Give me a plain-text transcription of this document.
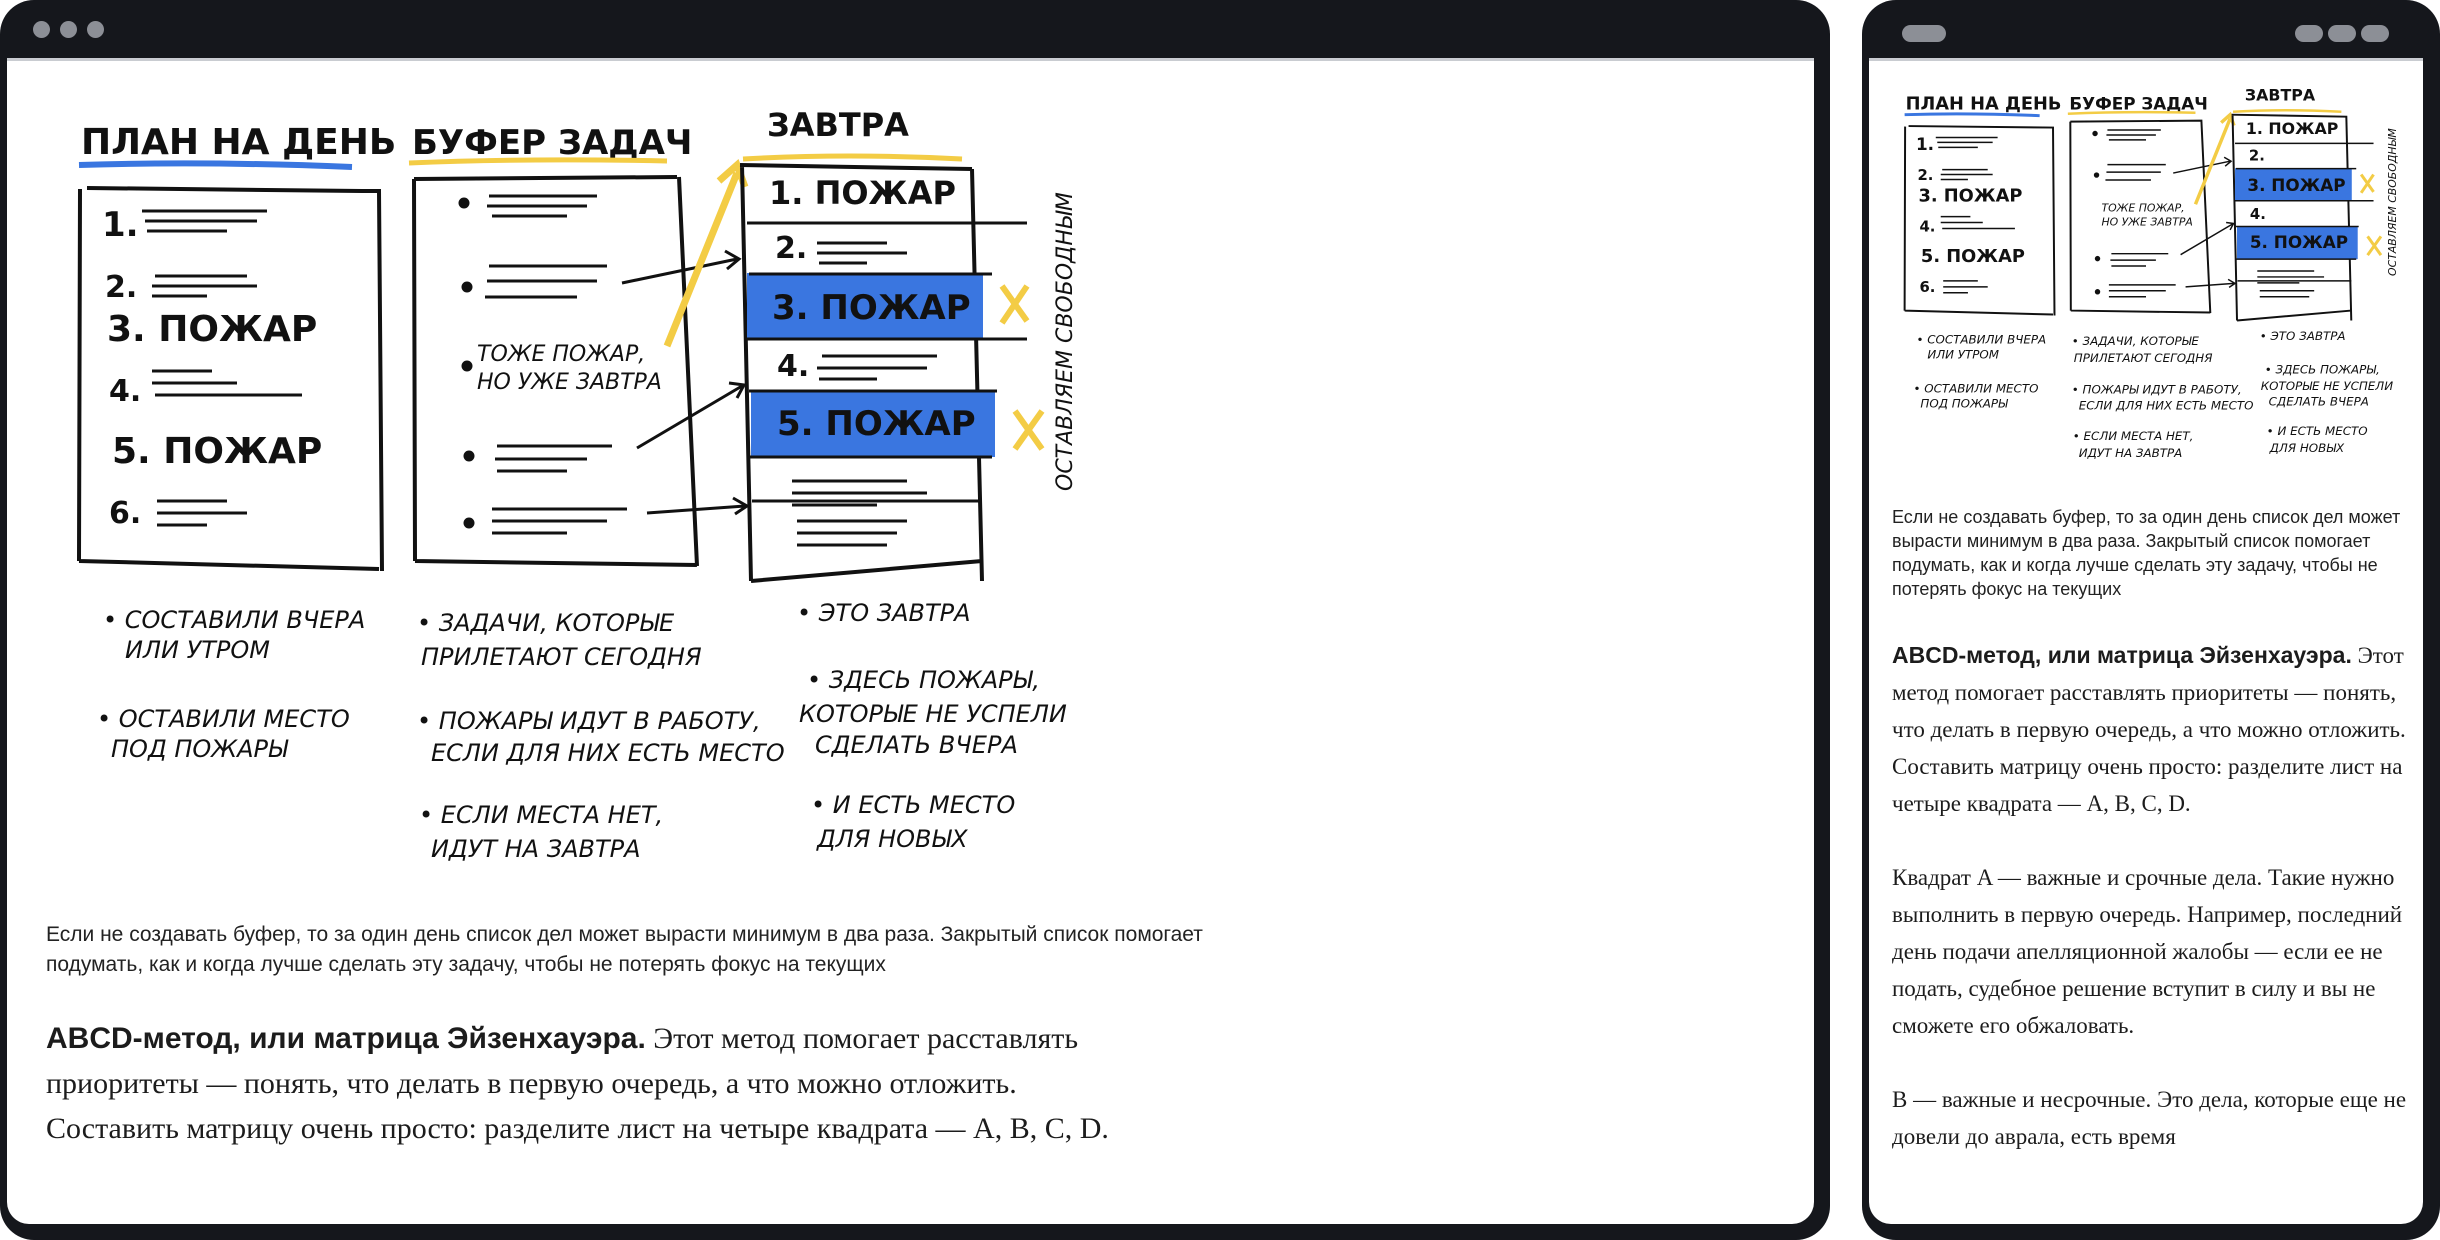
ПЛАН НА ДЕНЬ
1.
2.
3. ПОЖАР
4.
5. ПОЖАР
6.
• СОСТАВИЛИ ВЧЕРА
ИЛИ УТРОМ
• ОСТАВИЛИ МЕСТО
ПОД ПОЖАРЫ
БУФЕР ЗАДАЧ
ТОЖЕ ПОЖАР,
НО УЖЕ ЗАВТРА
• ЗАДАЧИ, КОТОРЫЕ
ПРИЛЕТАЮТ СЕГОДНЯ
• ПОЖАРЫ ИДУТ В РАБОТУ,
ЕСЛИ ДЛЯ НИХ ЕСТЬ МЕСТО
• ЕСЛИ МЕСТА НЕТ,
ИДУТ НА ЗАВТРА
ЗАВТРА
1. ПОЖАР
2.
3. ПОЖАР
4.
5. ПОЖАР	ОСТАВЛЯЕМ СВОБОДНЫМ
• ЭТО ЗАВТРА
• ЗДЕСЬ ПОЖАРЫ,
КОТОРЫЕ НЕ УСПЕЛИ
СДЕЛАТЬ ВЧЕРА
• И ЕСТЬ МЕСТО
ДЛЯ НОВЫХ
Если не создавать буфер, то за один день список дел может вырасти минимум в два раза. Закрытый список помогает подумать, как и когда лучше сделать эту задачу, чтобы не потерять фокус на текущих

ABCD-метод, или матрица Эйзенхауэра. Этот метод помогает расставлять приоритеты — понять, что делать в первую очередь, а что можно отложить. Составить матрицу очень просто: разделите лист на четыре квадрата — A, B, C, D.

ПЛАН НА ДЕНЬ
1.
2.
3. ПОЖАР
4.
5. ПОЖАР
6.
• СОСТАВИЛИ ВЧЕРА
ИЛИ УТРОМ
• ОСТАВИЛИ МЕСТО
ПОД ПОЖАРЫ
БУФЕР ЗАДАЧ
ТОЖЕ ПОЖАР,
НО УЖЕ ЗАВТРА
• ЗАДАЧИ, КОТОРЫЕ
ПРИЛЕТАЮТ СЕГОДНЯ
• ПОЖАРЫ ИДУТ В РАБОТУ,
ЕСЛИ ДЛЯ НИХ ЕСТЬ МЕСТО
• ЕСЛИ МЕСТА НЕТ,
ИДУТ НА ЗАВТРА
ЗАВТРА
1. ПОЖАР
2.
3. ПОЖАР
4.
5. ПОЖАР ОСТАВЛЯЕМ СВОБОДНЫМ
• ЭТО ЗАВТРА
• ЗДЕСЬ ПОЖАРЫ,
КОТОРЫЕ НЕ УСПЕЛИ
СДЕЛАТЬ ВЧЕРА
• И ЕСТЬ МЕСТО
ДЛЯ НОВЫХ
Если не создавать буфер, то за один день список дел может вырасти минимум в два раза. Закрытый список помогает подумать, как и когда лучше сделать эту задачу, чтобы не потерять фокус на текущих

ABCD-метод, или матрица Эйзенхауэра. Этот метод помогает расставлять приоритеты — понять, что делать в первую очередь, а что можно отложить. Составить матрицу очень просто: разделите лист на четыре квадрата — A, B, C, D.

Квадрат A — важные и срочные дела. Такие нужно выполнить в первую очередь. Например, последний день подачи апелляционной жалобы — если ее не подать, судебное решение вступит в силу и вы не сможете его обжаловать.

B — важные и несрочные. Это дела, которые еще не довели до аврала, есть время
